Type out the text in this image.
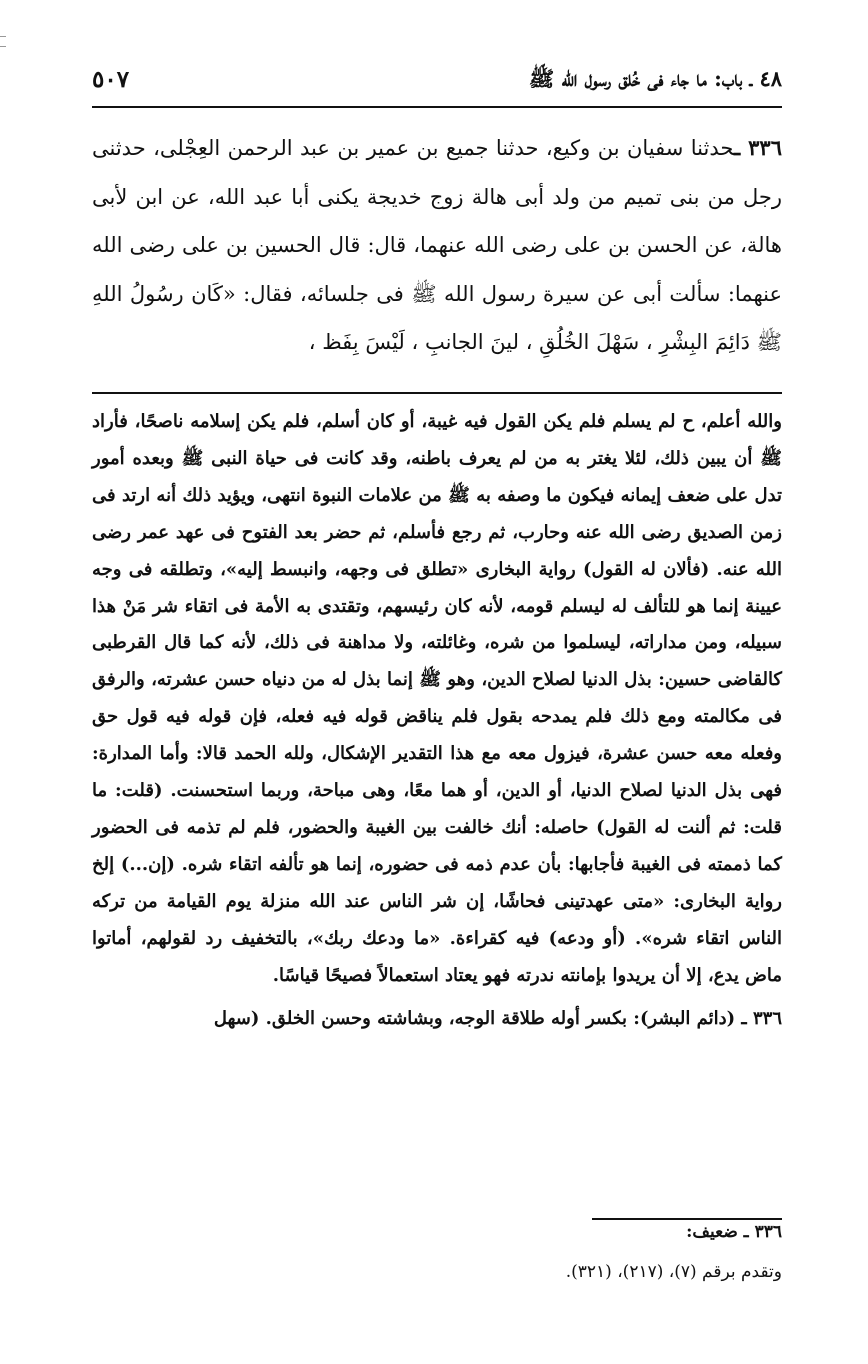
٤٨ ـ باب: ما جاء فى خُلق رسول الله ﷺ
٥٠٧
٣٣٦ ـحدثنا سفيان بن وكيع، حدثنا جميع بن عمير بن عبد الرحمن العِجْلى، حدثنى رجل من بنى تميم من ولد أبى هالة زوج خديجة يكنى أبا عبد الله، عن ابن لأبى هالة، عن الحسن بن على رضى الله عنهما، قال: قال الحسين بن على رضى الله عنهما: سألت أبى عن سيرة رسول الله ﷺ فى جلسائه، فقال: «كَان رسُولُ اللهِ ﷺ دَائِمَ البِشْرِ ، سَهْلَ الخُلُقِ ، لينَ الجانبِ ، لَيْسَ بِفَظ ،
والله أعلم، ح لم يسلم فلم يكن القول فيه غيبة، أو كان أسلم، فلم يكن إسلامه ناصحًا، فأراد ﷺ أن يبين ذلك، لئلا يغتر به من لم يعرف باطنه، وقد كانت فى حياة النبى ﷺ وبعده أمور تدل على ضعف إيمانه فيكون ما وصفه به ﷺ من علامات النبوة انتهى، ويؤيد ذلك أنه ارتد فى زمن الصديق رضى الله عنه وحارب، ثم رجع فأسلم، ثم حضر بعد الفتوح فى عهد عمر رضى الله عنه. (فألان له القول) رواية البخارى «تطلق فى وجهه، وانبسط إليه»، وتطلقه فى وجه عيينة إنما هو للتألف له ليسلم قومه، لأنه كان رئيسهم، وتقتدى به الأمة فى اتقاء شر مَنْ هذا سبيله، ومن مداراته، ليسلموا من شره، وغائلته، ولا مداهنة فى ذلك، لأنه كما قال القرطبى كالقاضى حسين: بذل الدنيا لصلاح الدين، وهو ﷺ إنما بذل له من دنياه حسن عشرته، والرفق فى مكالمته ومع ذلك فلم يمدحه بقول فلم يناقض قوله فيه فعله، فإن قوله فيه قول حق وفعله معه حسن عشرة، فيزول معه مع هذا التقدير الإشكال، ولله الحمد قالا: وأما المدارة: فهى بذل الدنيا لصلاح الدنيا، أو الدين، أو هما معًا، وهى مباحة، وربما استحسنت. (قلت: ما قلت: ثم ألنت له القول) حاصله: أنك خالفت بين الغيبة والحضور، فلم لم تذمه فى الحضور كما ذممته فى الغيبة فأجابها: بأن عدم ذمه فى حضوره، إنما هو تألفه اتقاء شره. (إن...) إلخ رواية البخارى: «متى عهدتينى فحاشًا، إن شر الناس عند الله منزلة يوم القيامة من تركه الناس اتقاء شره». (أو ودعه) فيه كقراءة. «ما ودعك ربك»، بالتخفيف رد لقولهم، أماتوا ماض يدع، إلا أن يريدوا بإمانته ندرته فهو يعتاد استعمالاً فصيحًا قياسًا.
٣٣٦ ـ (دائم البشر): بكسر أوله طلاقة الوجه، وبشاشته وحسن الخلق. (سهل
٣٣٦ ـ ضعيف:
وتقدم برقم (٧)، (٢١٧)، (٣٢١).
